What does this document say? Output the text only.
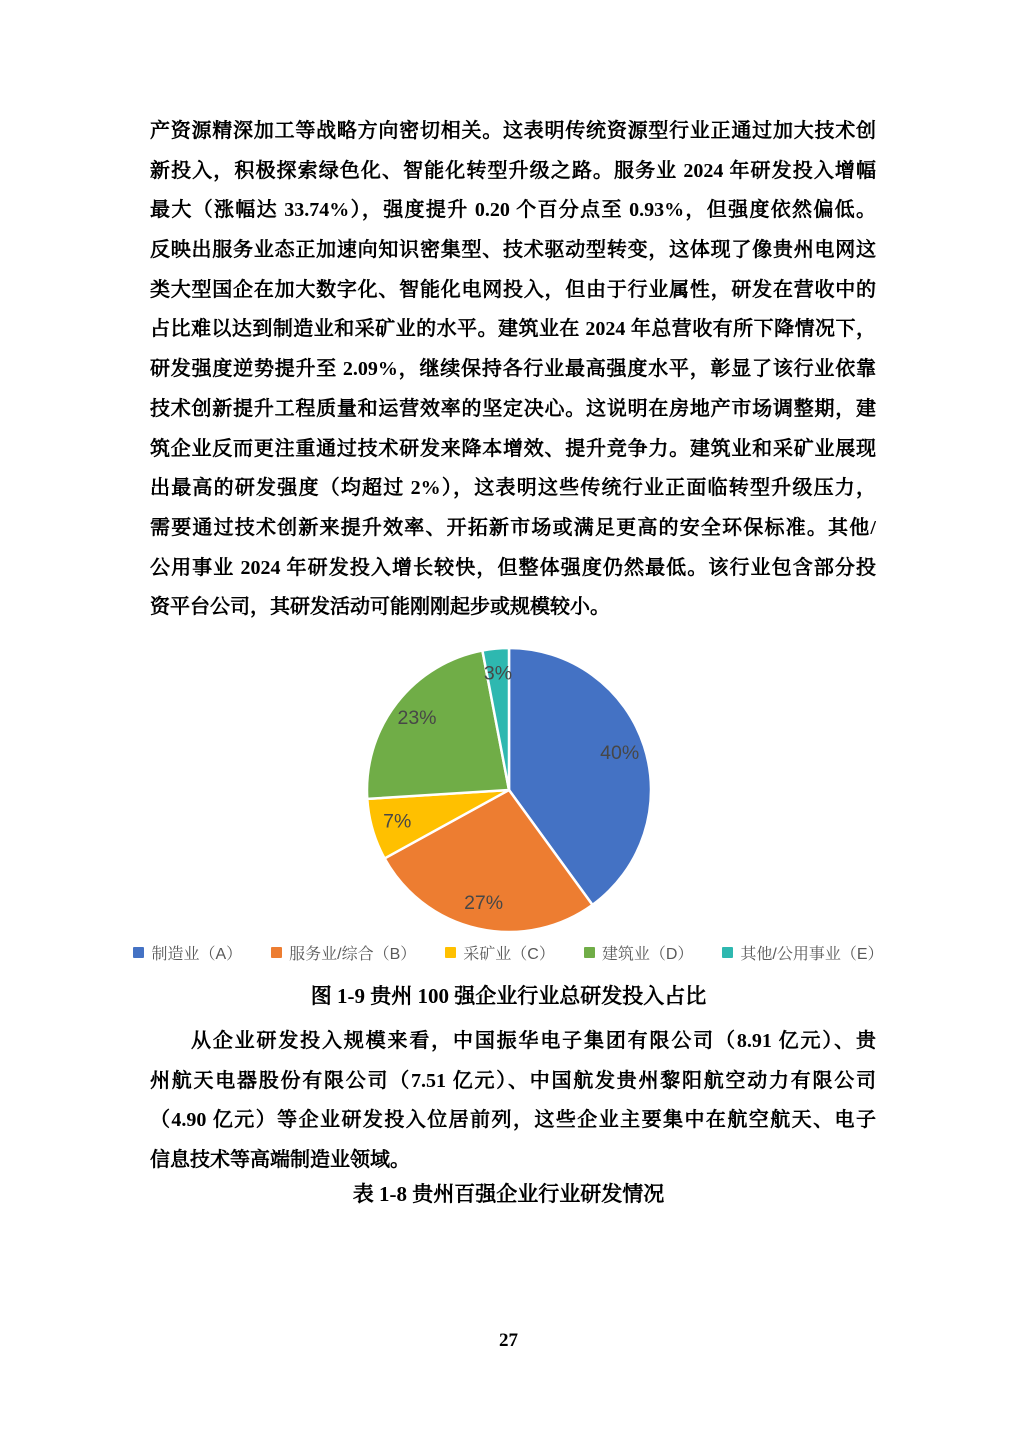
产资源精深加工等战略方向密切相关。这表明传统资源型行业正通过加大技术创
新投入，积极探索绿色化、智能化转型升级之路。服务业 2024 年研发投入增幅
最大（涨幅达 33.74%），强度提升 0.20 个百分点至 0.93%，但强度依然偏低。
反映出服务业态正加速向知识密集型、技术驱动型转变，这体现了像贵州电网这
类大型国企在加大数字化、智能化电网投入，但由于行业属性，研发在营收中的
占比难以达到制造业和采矿业的水平。建筑业在 2024 年总营收有所下降情况下，
研发强度逆势提升至 2.09%，继续保持各行业最高强度水平，彰显了该行业依靠
技术创新提升工程质量和运营效率的坚定决心。这说明在房地产市场调整期，建
筑企业反而更注重通过技术研发来降本增效、提升竞争力。建筑业和采矿业展现
出最高的研发强度（均超过 2%），这表明这些传统行业正面临转型升级压力，
需要通过技术创新来提升效率、开拓新市场或满足更高的安全环保标准。其他/
公用事业 2024 年研发投入增长较快，但整体强度仍然最低。该行业包含部分投
资平台公司，其研发活动可能刚刚起步或规模较小。
40%
27%
7%
23%
3%
制造业（A）	服务业/综合（B）	采矿业（C）	建筑业（D）	其他/公用事业（E）
图 1-9 贵州 100 强企业行业总研发投入占比
从企业研发投入规模来看，中国振华电子集团有限公司（8.91 亿元）、贵
州航天电器股份有限公司（7.51 亿元）、中国航发贵州黎阳航空动力有限公司
（4.90 亿元）等企业研发投入位居前列，这些企业主要集中在航空航天、电子
信息技术等高端制造业领域。
表 1-8 贵州百强企业行业研发情况
27
